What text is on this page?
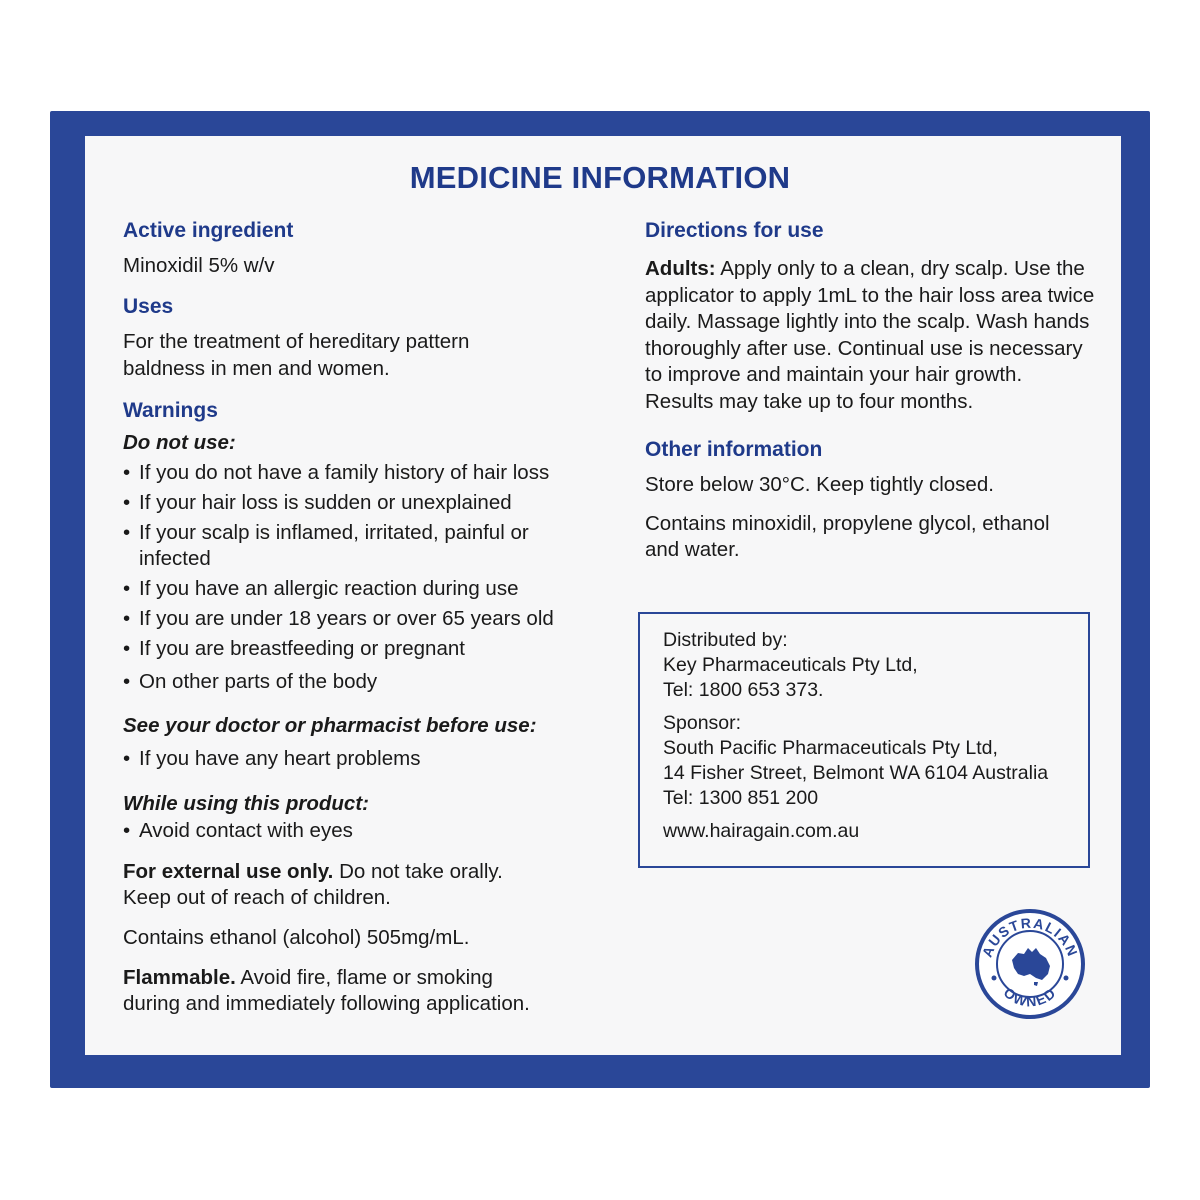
MEDICINE INFORMATION
Active ingredient
Minoxidil 5% w/v
Uses
For the treatment of hereditary pattern baldness in men and women.
Warnings
Do not use:
• If you do not have a family history of hair loss
• If your hair loss is sudden or unexplained
• If your scalp is inflamed, irritated, painful or infected
• If you have an allergic reaction during use
• If you are under 18 years or over 65 years old
• If you are breastfeeding or pregnant
• On other parts of the body
See your doctor or pharmacist before use:
• If you have any heart problems
While using this product:
• Avoid contact with eyes
For external use only. Do not take orally. Keep out of reach of children.
Contains ethanol (alcohol) 505mg/mL.
Flammable. Avoid fire, flame or smoking during and immediately following application.
Directions for use
Adults: Apply only to a clean, dry scalp. Use the applicator to apply 1mL to the hair loss area twice daily. Massage lightly into the scalp. Wash hands thoroughly after use. Continual use is necessary to improve and maintain your hair growth. Results may take up to four months.
Other information
Store below 30°C. Keep tightly closed.
Contains minoxidil, propylene glycol, ethanol and water.
Distributed by:
Key Pharmaceuticals Pty Ltd,
Tel: 1800 653 373.
Sponsor:
South Pacific Pharmaceuticals Pty Ltd,
14 Fisher Street, Belmont WA 6104 Australia
Tel: 1300 851 200
www.hairagain.com.au
AUSTRALIAN
OWNED
